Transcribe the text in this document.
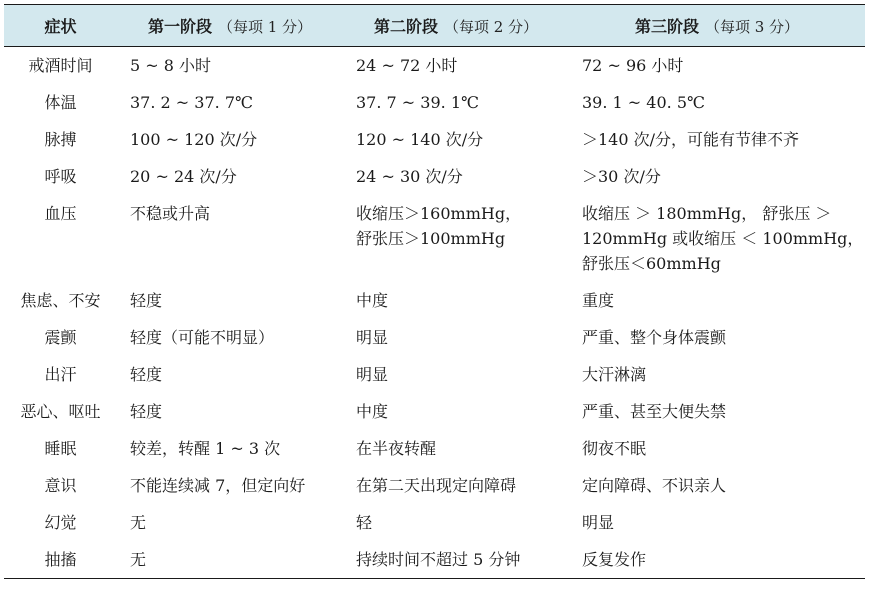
症状	第一阶段 （每项 1 分）	第二阶段 （每项 2 分）	第三阶段 （每项 3 分）
戒酒时间	5 ~ 8 小时	24 ~ 72 小时	72 ~ 96 小时

体温	37. 2 ~ 37. 7℃	37. 7 ~ 39. 1℃	39. 1 ~ 40. 5℃

脉搏	100 ~ 120 次/分	120 ~ 140 次/分	＞140 次/分，可能有节律不齐

呼吸	20 ~ 24 次/分	24 ~ 30 次/分	＞30 次/分

血压	不稳或升高	收缩压＞160mmHg，
舒张压＞100mmHg	收缩压 ＞ 180mmHg， 舒张压 ＞
120mmHg 或收缩压 ＜ 100mmHg，
舒张压＜60mmHg

焦虑、不安	轻度	中度	重度

震颤	轻度（可能不明显）	明显	严重、整个身体震颤

出汗	轻度	明显	大汗淋漓

恶心、呕吐	轻度	中度	严重、甚至大便失禁

睡眠	较差，转醒 1 ~ 3 次	在半夜转醒	彻夜不眠

意识	不能连续减 7，但定向好	在第二天出现定向障碍	定向障碍、不识亲人

幻觉	无	轻	明显

抽搐	无	持续时间不超过 5 分钟	反复发作
